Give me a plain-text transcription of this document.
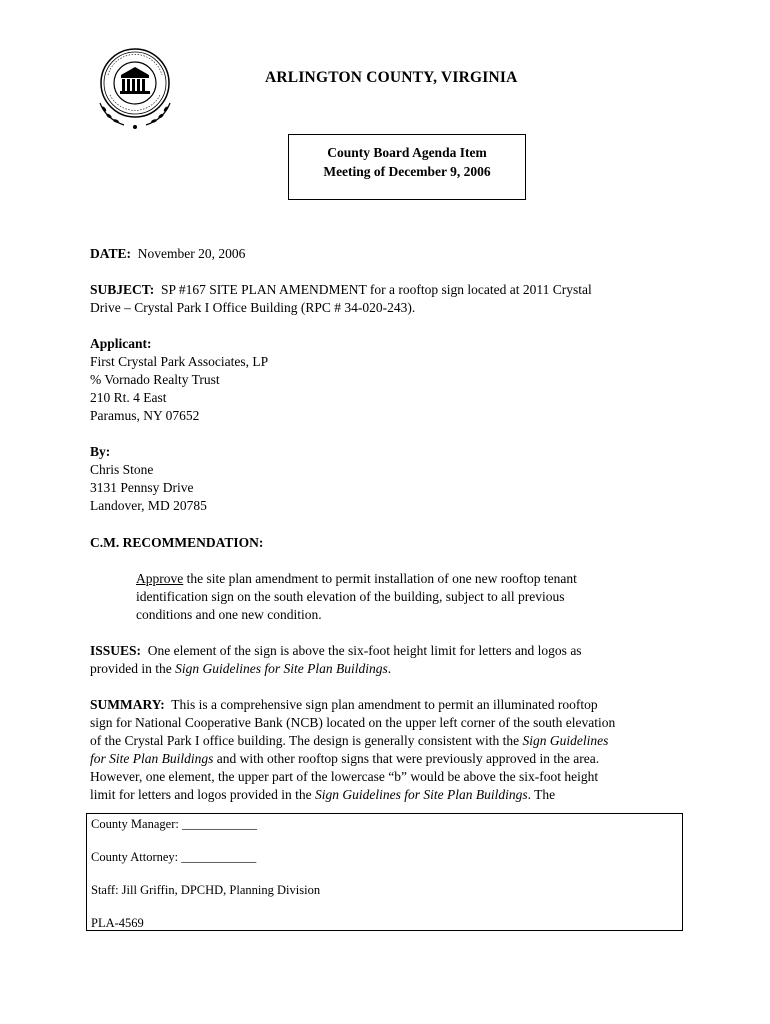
ARLINGTON COUNTY, VIRGINIA
County Board Agenda Item
Meeting of December 9, 2006
DATE: November 20, 2006
SUBJECT: SP #167 SITE PLAN AMENDMENT for a rooftop sign located at 2011 Crystal
Drive – Crystal Park I Office Building (RPC # 34-020-243).
Applicant:
First Crystal Park Associates, LP
% Vornado Realty Trust
210 Rt. 4 East
Paramus, NY 07652
By:
Chris Stone
3131 Pennsy Drive
Landover, MD 20785
C.M. RECOMMENDATION:
Approve the site plan amendment to permit installation of one new rooftop tenant
identification sign on the south elevation of the building, subject to all previous
conditions and one new condition.
ISSUES: One element of the sign is above the six-foot height limit for letters and logos as
provided in the Sign Guidelines for Site Plan Buildings.
SUMMARY: This is a comprehensive sign plan amendment to permit an illuminated rooftop
sign for National Cooperative Bank (NCB) located on the upper left corner of the south elevation
of the Crystal Park I office building. The design is generally consistent with the Sign Guidelines
for Site Plan Buildings and with other rooftop signs that were previously approved in the area.
However, one element, the upper part of the lowercase “b” would be above the six-foot height
limit for letters and logos provided in the Sign Guidelines for Site Plan Buildings. The
County Manager: ____________
County Attorney: ____________
Staff: Jill Griffin, DPCHD, Planning Division
PLA-4569
